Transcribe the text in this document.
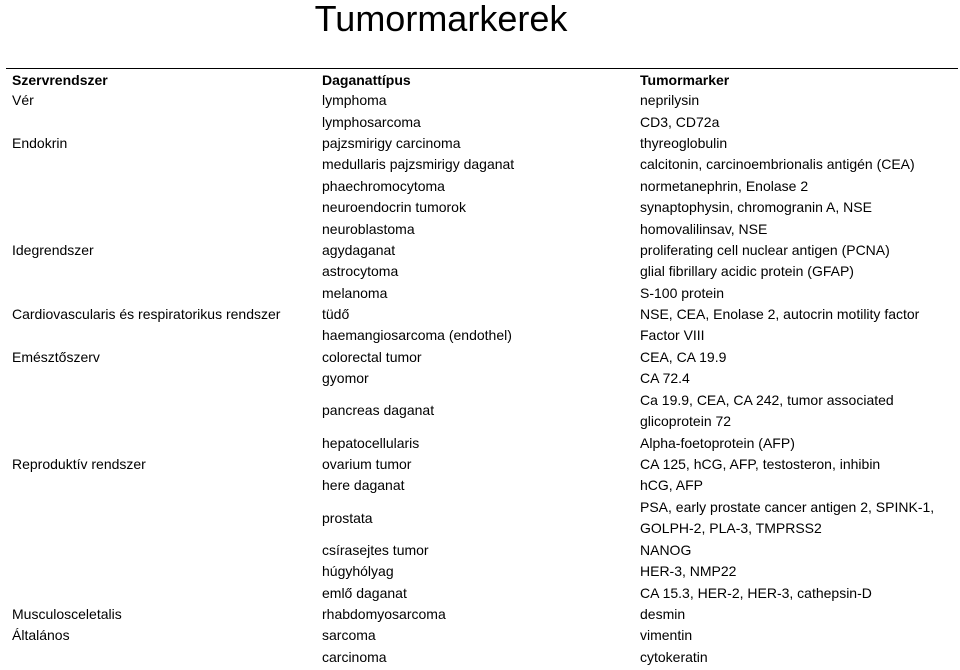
Tumormarkerek
Szervrendszer	Daganattípus	Tumormarker
Vér	lymphoma	neprilysin
	lymphosarcoma	CD3, CD72a
Endokrin	pajzsmirigy carcinoma	thyreoglobulin
	medullaris pajzsmirigy daganat	calcitonin, carcinoembrionalis antigén (CEA)
	phaechromocytoma	normetanephrin, Enolase 2
	neuroendocrin tumorok	synaptophysin, chromogranin A, NSE
	neuroblastoma	homovalilinsav, NSE
Idegrendszer	agydaganat	proliferating cell nuclear antigen (PCNA)
	astrocytoma	glial fibrillary acidic protein (GFAP)
	melanoma	S-100 protein
Cardiovascularis és respiratorikus rendszer	tüdő	NSE, CEA, Enolase 2, autocrin motility factor
	haemangiosarcoma (endothel)	Factor VIII
Emésztőszerv	colorectal tumor	CEA, CA 19.9
	gyomor	CA 72.4
	pancreas daganat	Ca 19.9, CEA, CA 242, tumor associated glicoprotein 72
	hepatocellularis	Alpha-foetoprotein (AFP)
Reproduktív rendszer	ovarium tumor	CA 125, hCG, AFP, testosteron, inhibin
	here daganat	hCG, AFP
	prostata	PSA, early prostate cancer antigen 2, SPINK-1, GOLPH-2, PLA-3, TMPRSS2
	csírasejtes tumor	NANOG
	húgyhólyag	HER-3, NMP22
	emlő daganat	CA 15.3, HER-2, HER-3, cathepsin-D
Musculosceletalis	rhabdomyosarcoma	desmin
Általános	sarcoma	vimentin
	carcinoma	cytokeratin
